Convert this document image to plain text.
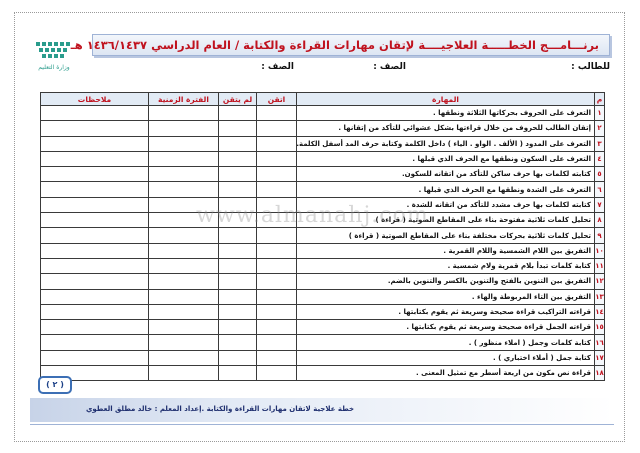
وزارة التعليم
برنـــامـــج الخطـــــة العلاجيــــة لإتقان مهارات القراءة والكتابة / العام الدراسي ١٤٣٦/١٤٣٧ هـ
للطالب :
الصف :
الصف :
م	المهارة	اتقن	لم يتقن	الفترة الزمنية	ملاحظات
١	التعرف على الحروف بحركاتها الثلاثة ونطقها .				
٢	إتقان الطالب للحروف من خلال قراءتها بشكل عشوائي للتأكد من إتقانها .				
٣	التعرف على المدود ( الألف . الواو . الياء ) داخل الكلمة وكتابة حرف المد أسفل الكلمة.				
٤	التعرف على السكون ونطقها مع الحرف الذي قبلها .				
٥	كتابته لكلمات بها حرف ساكن للتأكد من اتقانه للسكون.				
٦	التعرف على الشدة ونطقها مع الحرف الذي قبلها .				
٧	كتابته لكلمات بها حرف مشدد للتأكد من اتقانه للشدة .				
٨	تحليل كلمات ثلاثية مفتوحة بناء على المقاطع الصوتية ( قراءة )				
٩	تحليل كلمات ثلاثية بحركات مختلفة بناء على المقاطع الصوتية ( قراءة )				
١٠	التفريق بين اللام الشمسية واللام القمرية .				
١١	كتابة كلمات تبدأ بلام قمرية ولام شمسية .				
١٢	التفريق بين التنوين بالفتح والتنوين بالكسر والتنوين بالضم.				
١٣	التفريق بين التاء المربوطة والهاء .				
١٤	قراءته التراكيب قراءة صحيحة وسريعة ثم يقوم بكتابتها .				
١٥	قراءته الجمل قراءة صحيحة وسريعة ثم يقوم بكتابتها .				
١٦	كتابة كلمات وجمل ( املاء منظور ) .				
١٧	كتابة جمل ( أملاء اختباري ) .				
١٨	قراءة نص مكون من اربعة أسطر مع تمثيل المعنى .				
www.almanahj.com
( ٢ )
خطة علاجية لاتقان مهارات القراءة والكتابة .إعداد المعلم : خالد مطلق العطوي
